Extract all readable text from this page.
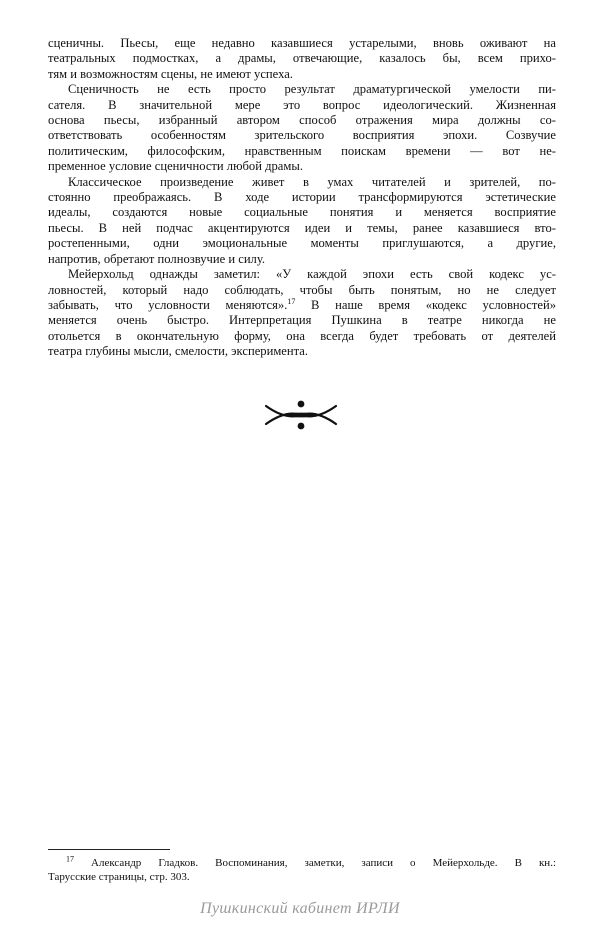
сценичны. Пьесы, еще недавно казавшиеся устарелыми, вновь оживают на
театральных подмостках, а драмы, отвечающие, казалось бы, всем прихо-
тям и возможностям сцены, не имеют успеха.

Сценичность не есть просто результат драматургической умелости пи-
сателя. В значительной мере это вопрос идеологический. Жизненная
основа пьесы, избранный автором способ отражения мира должны со-
ответствовать особенностям зрительского восприятия эпохи. Созвучие
политическим, философским, нравственным поискам времени — вот не-
пременное условие сценичности любой драмы.

Классическое произведение живет в умах читателей и зрителей, по-
стоянно преображаясь. В ходе истории трансформируются эстетические
идеалы, создаются новые социальные понятия и меняется восприятие
пьесы. В ней подчас акцентируются идеи и темы, ранее казавшиеся вто-
ростепенными, одни эмоциональные моменты приглушаются, а другие,
напротив, обретают полнозвучие и силу.

Мейерхольд однажды заметил: «У каждой эпохи есть свой кодекс ус-
ловностей, который надо соблюдать, чтобы быть понятым, но не следует
забывать, что условности меняются».$^{17}$ В наше время «кодекс условностей»
меняется очень быстро. Интерпретация Пушкина в театре никогда не
отольется в окончательную форму, она всегда будет требовать от деятелей
театра глубины мысли, смелости, эксперимента.

$^{17}$ Александр Гладков. Воспоминания, заметки, записи о Мейерхольде. В кн.:
Тарусские страницы, стр. 303.
Пушкинский кабинет ИРЛИ
